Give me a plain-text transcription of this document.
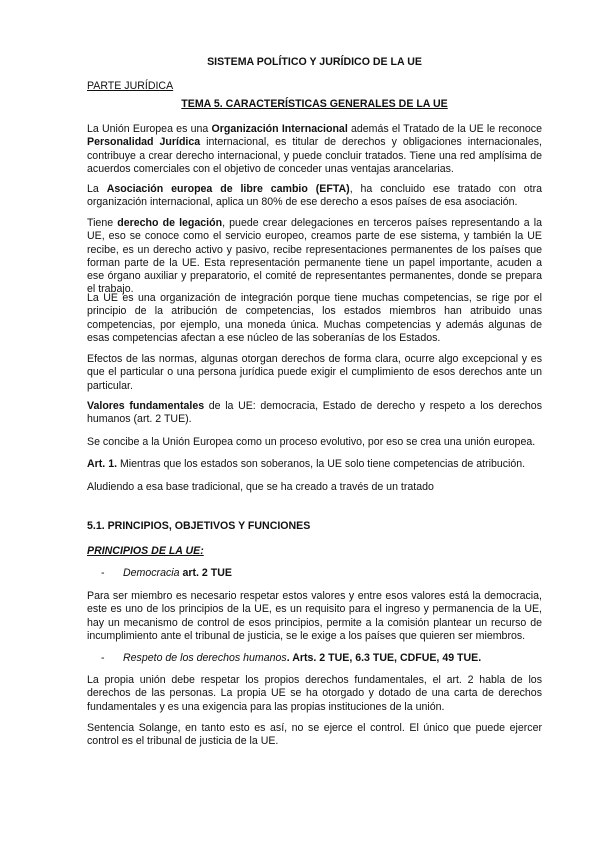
SISTEMA POLÍTICO Y JURÍDICO DE LA UE
PARTE JURÍDICA
TEMA 5. CARACTERÍSTICAS GENERALES DE LA UE

La Unión Europea es una Organización Internacional además el Tratado de la UE le reconoce Personalidad Jurídica internacional, es titular de derechos y obligaciones internacionales, contribuye a crear derecho internacional, y puede concluir tratados. Tiene una red amplísima de acuerdos comerciales con el objetivo de conceder unas ventajas arancelarias.

La Asociación europea de libre cambio (EFTA), ha concluido ese tratado con otra organización internacional, aplica un 80% de ese derecho a esos países de esa asociación.

Tiene derecho de legación, puede crear delegaciones en terceros países representando a la UE, eso se conoce como el servicio europeo, creamos parte de ese sistema, y también la UE recibe, es un derecho activo y pasivo, recibe representaciones permanentes de los países que forman parte de la UE. Esta representación permanente tiene un papel importante, acuden a ese órgano auxiliar y preparatorio, el comité de representantes permanentes, donde se prepara el trabajo.

La UE es una organización de integración porque tiene muchas competencias, se rige por el principio de la atribución de competencias, los estados miembros han atribuido unas competencias, por ejemplo, una moneda única. Muchas competencias y además algunas de esas competencias afectan a ese núcleo de las soberanías de los Estados.

Efectos de las normas, algunas otorgan derechos de forma clara, ocurre algo excepcional y es que el particular o una persona jurídica puede exigir el cumplimiento de esos derechos ante un particular.

Valores fundamentales de la UE: democracia, Estado de derecho y respeto a los derechos humanos (art. 2 TUE).

Se concibe a la Unión Europea como un proceso evolutivo, por eso se crea una unión europea.

Art. 1. Mientras que los estados son soberanos, la UE solo tiene competencias de atribución.

Aludiendo a esa base tradicional, que se ha creado a través de un tratado

5.1. PRINCIPIOS, OBJETIVOS Y FUNCIONES
PRINCIPIOS DE LA UE:
- Democracia art. 2 TUE

Para ser miembro es necesario respetar estos valores y entre esos valores está la democracia, este es uno de los principios de la UE, es un requisito para el ingreso y permanencia de la UE, hay un mecanismo de control de esos principios, permite a la comisión plantear un recurso de incumplimiento ante el tribunal de justicia, se le exige a los países que quieren ser miembros.

- Respeto de los derechos humanos. Arts. 2 TUE, 6.3 TUE, CDFUE, 49 TUE.

La propia unión debe respetar los propios derechos fundamentales, el art. 2 habla de los derechos de las personas. La propia UE se ha otorgado y dotado de una carta de derechos fundamentales y es una exigencia para las propias instituciones de la unión.

Sentencia Solange, en tanto esto es así, no se ejerce el control. El único que puede ejercer control es el tribunal de justicia de la UE.
